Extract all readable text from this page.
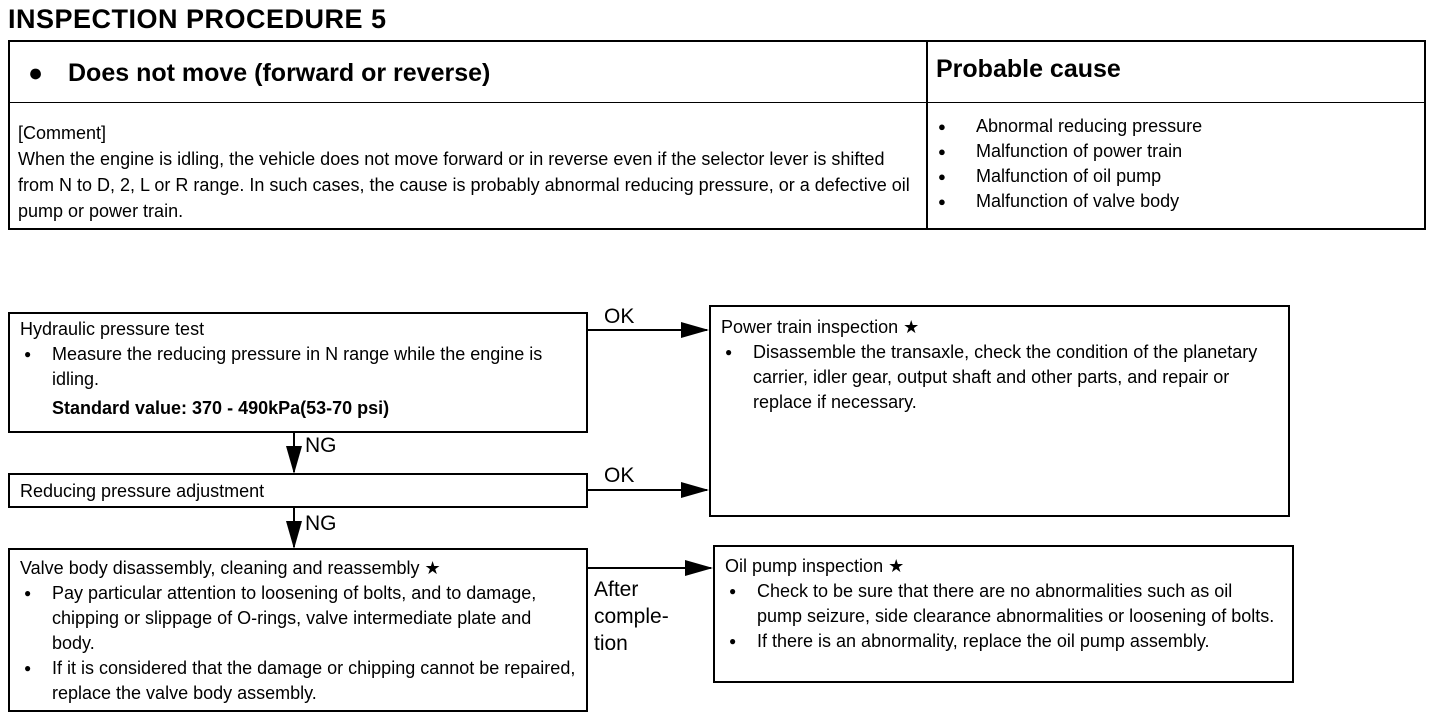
INSPECTION PROCEDURE 5
● Does not move (forward or reverse)	Probable cause
[Comment]
When the engine is idling, the vehicle does not move forward or in reverse even if the selector lever is shifted from N to D, 2, L or R range. In such cases, the cause is probably abnormal reducing pressure, or a defective oil pump or power train.
● Abnormal reducing pressure
● Malfunction of power train
● Malfunction of oil pump
● Malfunction of valve body
OK
NG
OK
NG
After
comple-
tion
Hydraulic pressure test
● Measure the reducing pressure in N range while the engine is idling.
Standard value: 370 - 490kPa(53-70 psi)
Reducing pressure adjustment
Valve body disassembly, cleaning and reassembly ★
● Pay particular attention to loosening of bolts, and to damage, chipping or slippage of O-rings, valve intermediate plate and body.
● If it is considered that the damage or chipping cannot be repaired, replace the valve body assembly.
Power train inspection ★
● Disassemble the transaxle, check the condition of the planetary carrier, idler gear, output shaft and other parts, and repair or replace if necessary.
Oil pump inspection ★
● Check to be sure that there are no abnormalities such as oil pump seizure, side clearance abnormalities or loosening of bolts.
● If there is an abnormality, replace the oil pump assembly.
